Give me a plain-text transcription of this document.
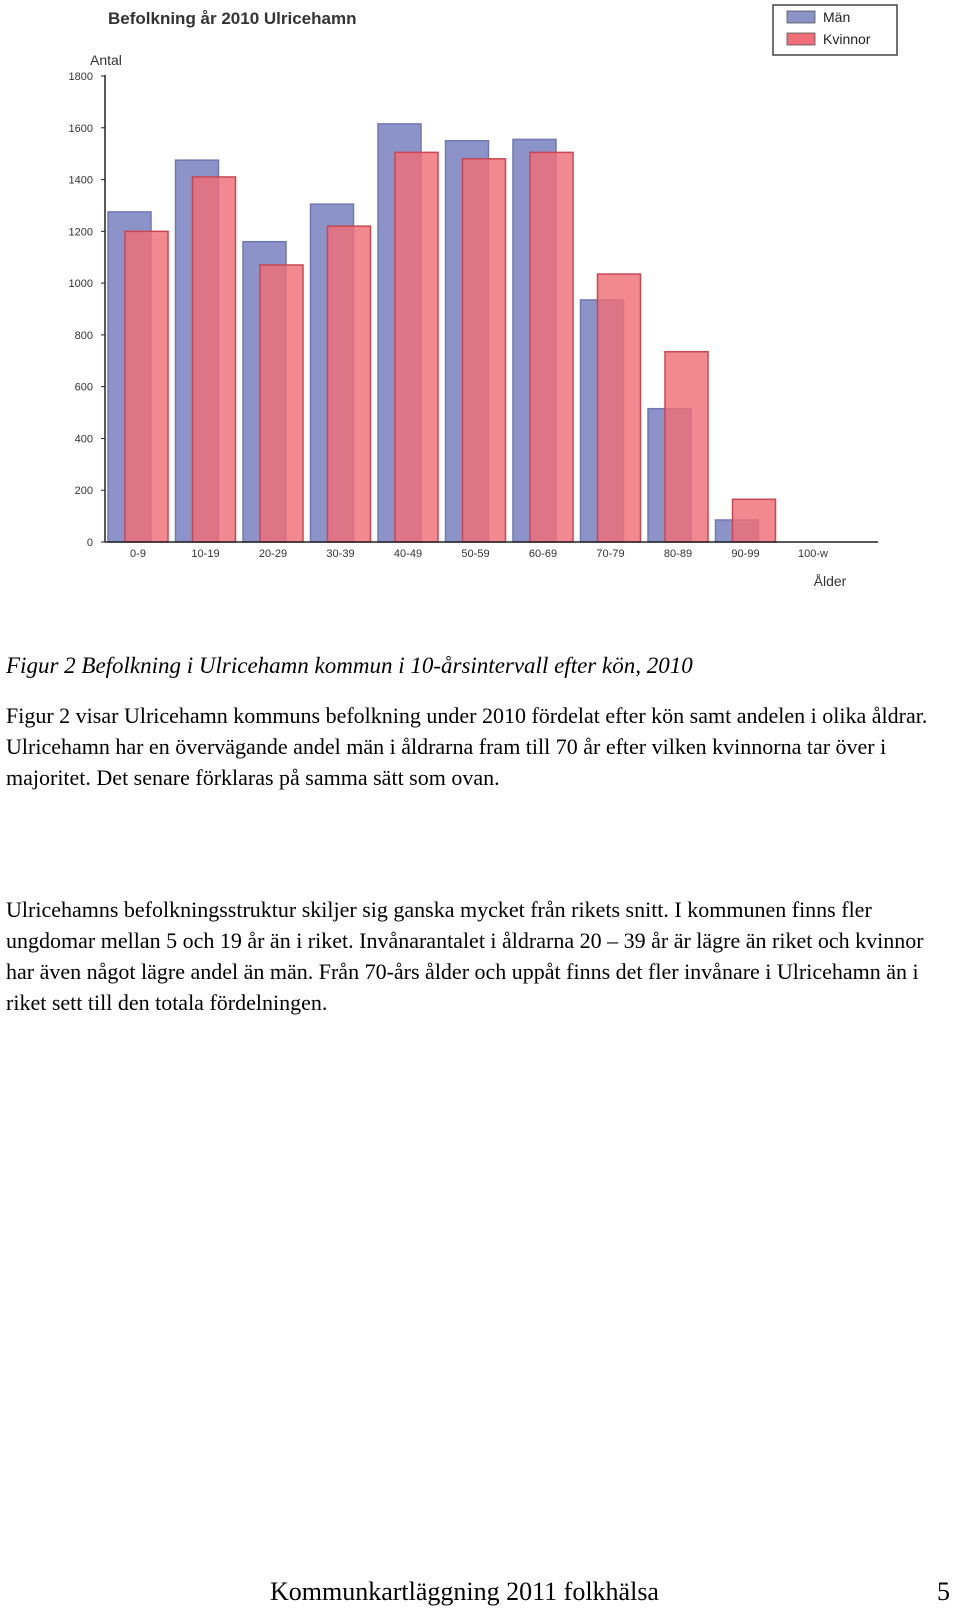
Befolkning år 2010 Ulricehamn
Antal
Ålder
0
200
400
600
800
1000
1200
1400
1600
1800
0-9	10-19	20-29	30-39	40-49	50-59	60-69	70-79	80-89	90-99	100-w
Män
Kvinnor

Figur 2 Befolkning i Ulricehamn kommun i 10-årsintervall efter kön, 2010

Figur 2 visar Ulricehamn kommuns befolkning under 2010 fördelat efter kön samt andelen i olika åldrar. Ulricehamn har en övervägande andel män i åldrarna fram till 70 år efter vilken kvinnorna tar över i majoritet. Det senare förklaras på samma sätt som ovan.

Ulricehamns befolkningsstruktur skiljer sig ganska mycket från rikets snitt. I kommunen finns fler ungdomar mellan 5 och 19 år än i riket. Invånarantalet i åldrarna 20 – 39 år är lägre än riket och kvinnor har även något lägre andel än män. Från 70-års ålder och uppåt finns det fler invånare i Ulricehamn än i riket sett till den totala fördelningen.

Kommunkartläggning 2011 folkhälsa	5
